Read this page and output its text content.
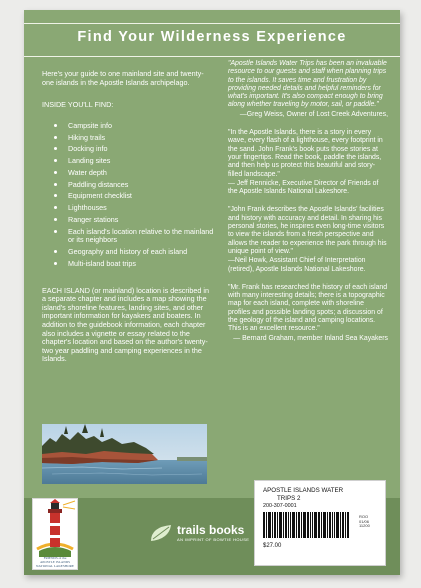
Find Your Wilderness Experience

Here's your guide to one mainland site and twenty-one islands in the Apostle Islands archipelago.

INSIDE YOU'LL FIND:

Campsite info
Hiking trails
Docking info
Landing sites
Water depth
Paddling distances
Equipment checklist
Lighthouses
Ranger stations
Each island's location relative to the mainland or its neighbors
Geography and history of each island
Multi-island boat trips

EACH ISLAND (or mainland) location is described in a separate chapter and includes a map showing the island's shoreline features, landing sites, and other important information for kayakers and boaters. In addition to the guidebook information, each chapter also includes a vignette or essay related to the chapter's location and based on the author's twenty-two year paddling and camping experiences in the Islands.

"Apostle Islands Water Trips has been an invaluable resource to our guests and staff when planning trips to the islands. It saves time and frustration by providing needed details and helpful reminders for what's important. It's also compact enough to bring along whether traveling by motor, sail, or paddle."

—Greg Weiss, Owner of Lost Creek Adventures,

"In the Apostle Islands, there is a story in every wave, every flash of a lighthouse, every footprint in the sand. John Frank's book puts those stories at your fingertips. Read the book, paddle the islands, and then help us protect this beautiful and story-filled landscape."

— Jeff Rennicke, Executive Director of Friends of the Apostle Islands National Lakeshore.

"John Frank describes the Apostle Islands' facilities and history with accuracy and detail. In sharing his personal stories, he inspires even long-time visitors to view the islands from a fresh perspective and allows the reader to experience the park through his unique point of view."

—Neil Howk, Assistant Chief of Interpretation (retired), Apostle Islands National Lakeshore.

"Mr. Frank has researched the history of each island with many interesting details; there is a topographic map for each island, complete with shoreline profiles and possible landing spots; a discussion of the geology of the island and camping locations. This is an excellent resource."

— Bernard Graham, member Inland Sea Kayakers

FRIENDS of the
APOSTLE ISLANDS
NATIONAL LAKESHORE
trails books
AN IMPRINT OF BOWTIE HOUSE
APOSTLE ISLANDS WATER
TRIPS 2
200-307-0001
ROO
01/06
11200
$27.00
